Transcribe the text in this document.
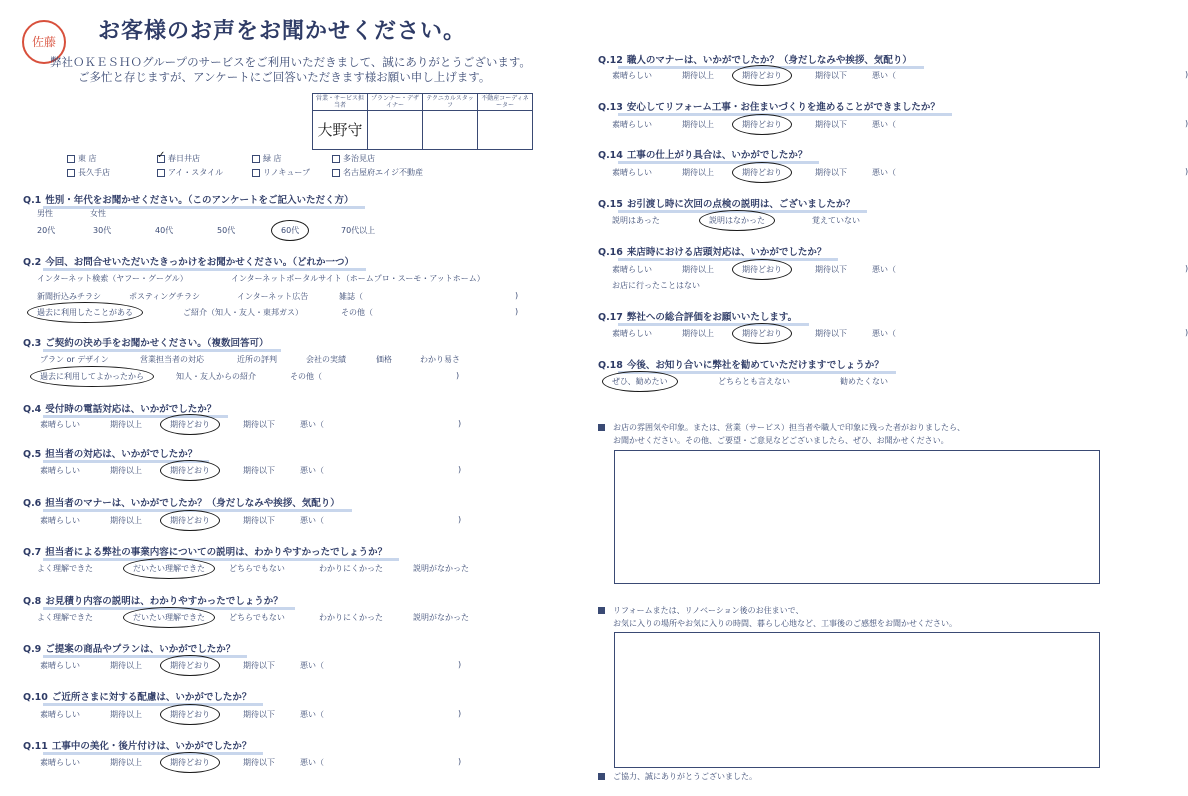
佐藤 お客様のお声をお聞かせください。
弊社ＯＫＥＳＨＯグループのサービスをご利用いただきまして、誠にありがとうございます。
ご多忙と存じますが、アンケートにご回答いただきます様お願い申し上げます。
営業・サービス担当者	プランナー・デザイナー	テクニカルスタッフ	不動産コーディネーター
大野守			
東 店	✓ 春日井店	緑 店	多治見店
長久手店	アイ・スタイル	リノキューブ	名古屋府エイジ不動産
Q.1 性別・年代をお聞かせください。（このアンケートをご記入いただく方）
男性	女性
20代	30代	40代	50代	60代	70代以上
Q.2 今回、お問合せいただいたきっかけをお聞かせください。（どれか一つ）
インターネット検索（ヤフー・グーグル）	インターネットポータルサイト（ホームプロ・スーモ・アットホーム）
新聞折込みチラシ	ポスティングチラシ	インターネット広告	雑誌（	)
過去に利用したことがある	ご紹介（知人・友人・東邦ガス）	その他（	)
Q.3 ご契約の決め手をお聞かせください。（複数回答可）
プラン or デザイン	営業担当者の対応	近所の評判	会社の実績	価格	わかり易さ
過去に利用してよかったから	知人・友人からの紹介	その他（	)
Q.4 受付時の電話対応は、いかがでしたか？
素晴らしい	期待以上	期待どおり	期待以下	悪い（	)
Q.5 担当者の対応は、いかがでしたか？
素晴らしい	期待以上	期待どおり	期待以下	悪い（	)
Q.6 担当者のマナーは、いかがでしたか？（身だしなみや挨拶、気配り）
素晴らしい	期待以上	期待どおり	期待以下	悪い（	)
Q.7 担当者による弊社の事業内容についての説明は、わかりやすかったでしょうか？
よく理解できた	だいたい理解できた	どちらでもない	わかりにくかった	説明がなかった
Q.8 お見積り内容の説明は、わかりやすかったでしょうか？
よく理解できた	だいたい理解できた	どちらでもない	わかりにくかった	説明がなかった
Q.9 ご提案の商品やプランは、いかがでしたか？
素晴らしい	期待以上	期待どおり	期待以下	悪い（	)
Q.10 ご近所さまに対する配慮は、いかがでしたか？
素晴らしい	期待以上	期待どおり	期待以下	悪い（	)
Q.11 工事中の美化・後片付けは、いかがでしたか？
素晴らしい	期待以上	期待どおり	期待以下	悪い（	)
Q.12 職人のマナーは、いかがでしたか？（身だしなみや挨拶、気配り）
素晴らしい	期待以上	期待どおり	期待以下	悪い（	)
Q.13 安心してリフォーム工事・お住まいづくりを進めることができましたか？
素晴らしい	期待以上	期待どおり	期待以下	悪い（	)
Q.14 工事の仕上がり具合は、いかがでしたか？
素晴らしい	期待以上	期待どおり	期待以下	悪い（	)
Q.15 お引渡し時に次回の点検の説明は、ございましたか？
説明はあった	説明はなかった	覚えていない
Q.16 来店時における店頭対応は、いかがでしたか？
素晴らしい	期待以上	期待どおり	期待以下	悪い（	)
お店に行ったことはない
Q.17 弊社への総合評価をお願いいたします。
素晴らしい	期待以上	期待どおり	期待以下	悪い（	)
Q.18 今後、お知り合いに弊社を勧めていただけますでしょうか？
ぜひ、勧めたい	どちらとも言えない	勧めたくない
お店の雰囲気や印象。または、営業（サービス）担当者や職人で印象に残った者がおりましたら、
お聞かせください。その他、ご要望・ご意見などございましたら、ぜひ、お聞かせください。
リフォームまたは、リノベーション後のお住まいで、
お気に入りの場所やお気に入りの時間、暮らし心地など、工事後のご感想をお聞かせください。
ご協力、誠にありがとうございました。
